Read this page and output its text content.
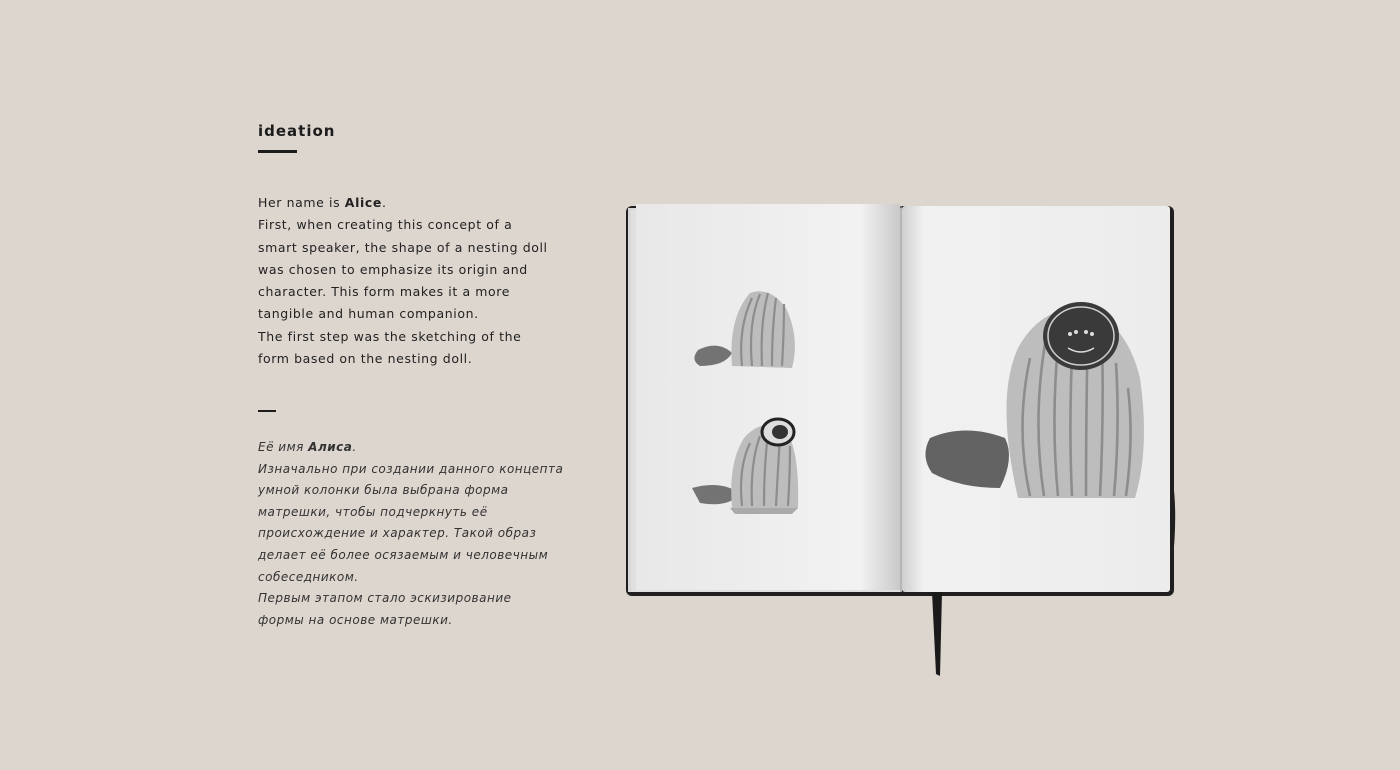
ideation
Her name is Alice.
First, when creating this concept of a
smart speaker, the shape of a nesting doll
was chosen to emphasize its origin and
character. This form makes it a more
tangible and human companion.
The first step was the sketching of the
form based on the nesting doll.
Её имя Алиса.
Изначально при создании данного концепта
умной колонки была выбрана форма
матрешки, чтобы подчеркнуть её
происхождение и характер. Такой образ
делает её более осязаемым и человечным
собеседником.
Первым этапом стало эскизирование
формы на основе матрешки.
